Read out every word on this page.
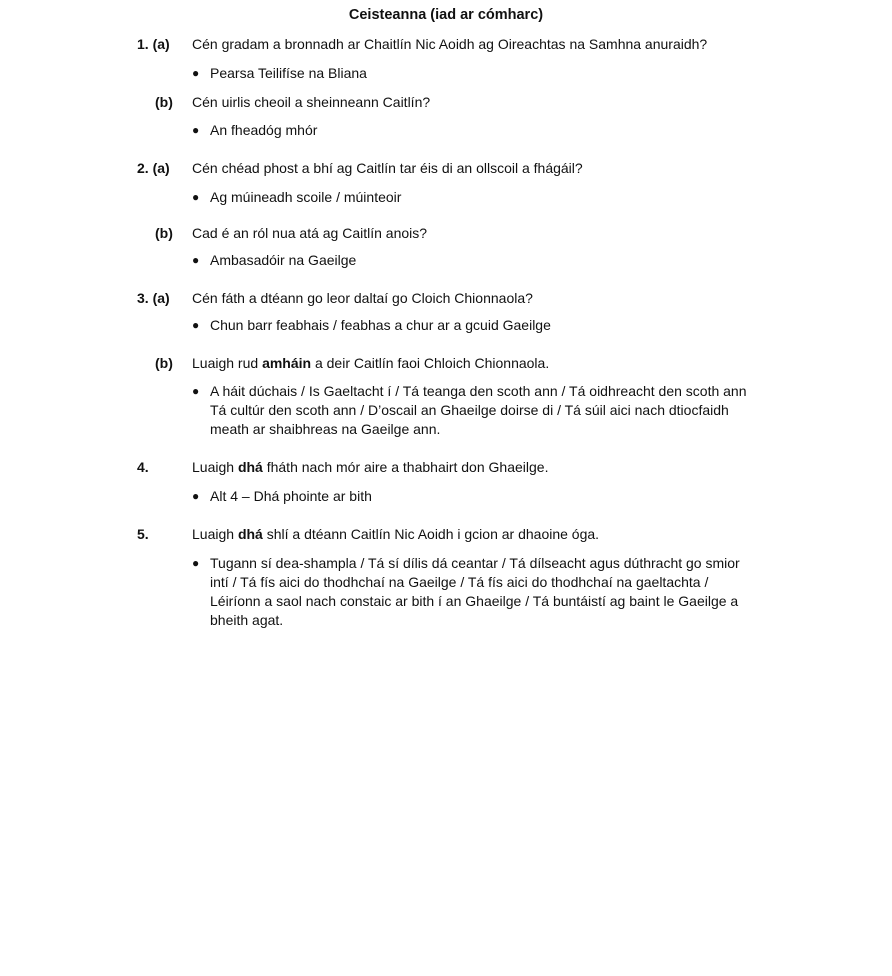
Ceisteanna (iad ar cómharc)
1. (a) Cén gradam a bronnadh ar Chaitlín Nic Aoidh ag Oireachtas na Samhna anuraidh?
● Pearsa Teilifíse na Bliana
(b) Cén uirlis cheoil a sheinneann Caitlín?
● An fheadóg mhór
2. (a) Cén chéad phost a bhí ag Caitlín tar éis di an ollscoil a fhágáil?
● Ag múineadh scoile / múinteoir
(b) Cad é an ról nua atá ag Caitlín anois?
● Ambasadóir na Gaeilge
3. (a) Cén fáth a dtéann go leor daltaí go Cloich Chionnaola?
● Chun barr feabhais / feabhas a chur ar a gcuid Gaeilge
(b) Luaigh rud amháin a deir Caitlín faoi Chloich Chionnaola.
● A háit dúchais / Is Gaeltacht í / Tá teanga den scoth ann / Tá oidhreacht den scoth ann
Tá cultúr den scoth ann / D’oscail an Ghaeilge doirse di / Tá súil aici nach dtiocfaidh
meath ar shaibhreas na Gaeilge ann.
4.	Luaigh dhá fháth nach mór aire a thabhairt don Ghaeilge.
● Alt 4 – Dhá phointe ar bith
5.	Luaigh dhá shlí a dtéann Caitlín Nic Aoidh i gcion ar dhaoine óga.
● Tugann sí dea-shampla / Tá sí dílis dá ceantar / Tá dílseacht agus dúthracht go smior
intí / Tá fís aici do thodhchaí na Gaeilge / Tá fís aici do thodhchaí na gaeltachta /
Léiríonn a saol nach constaic ar bith í an Ghaeilge / Tá buntáistí ag baint le Gaeilge a
bheith agat.
